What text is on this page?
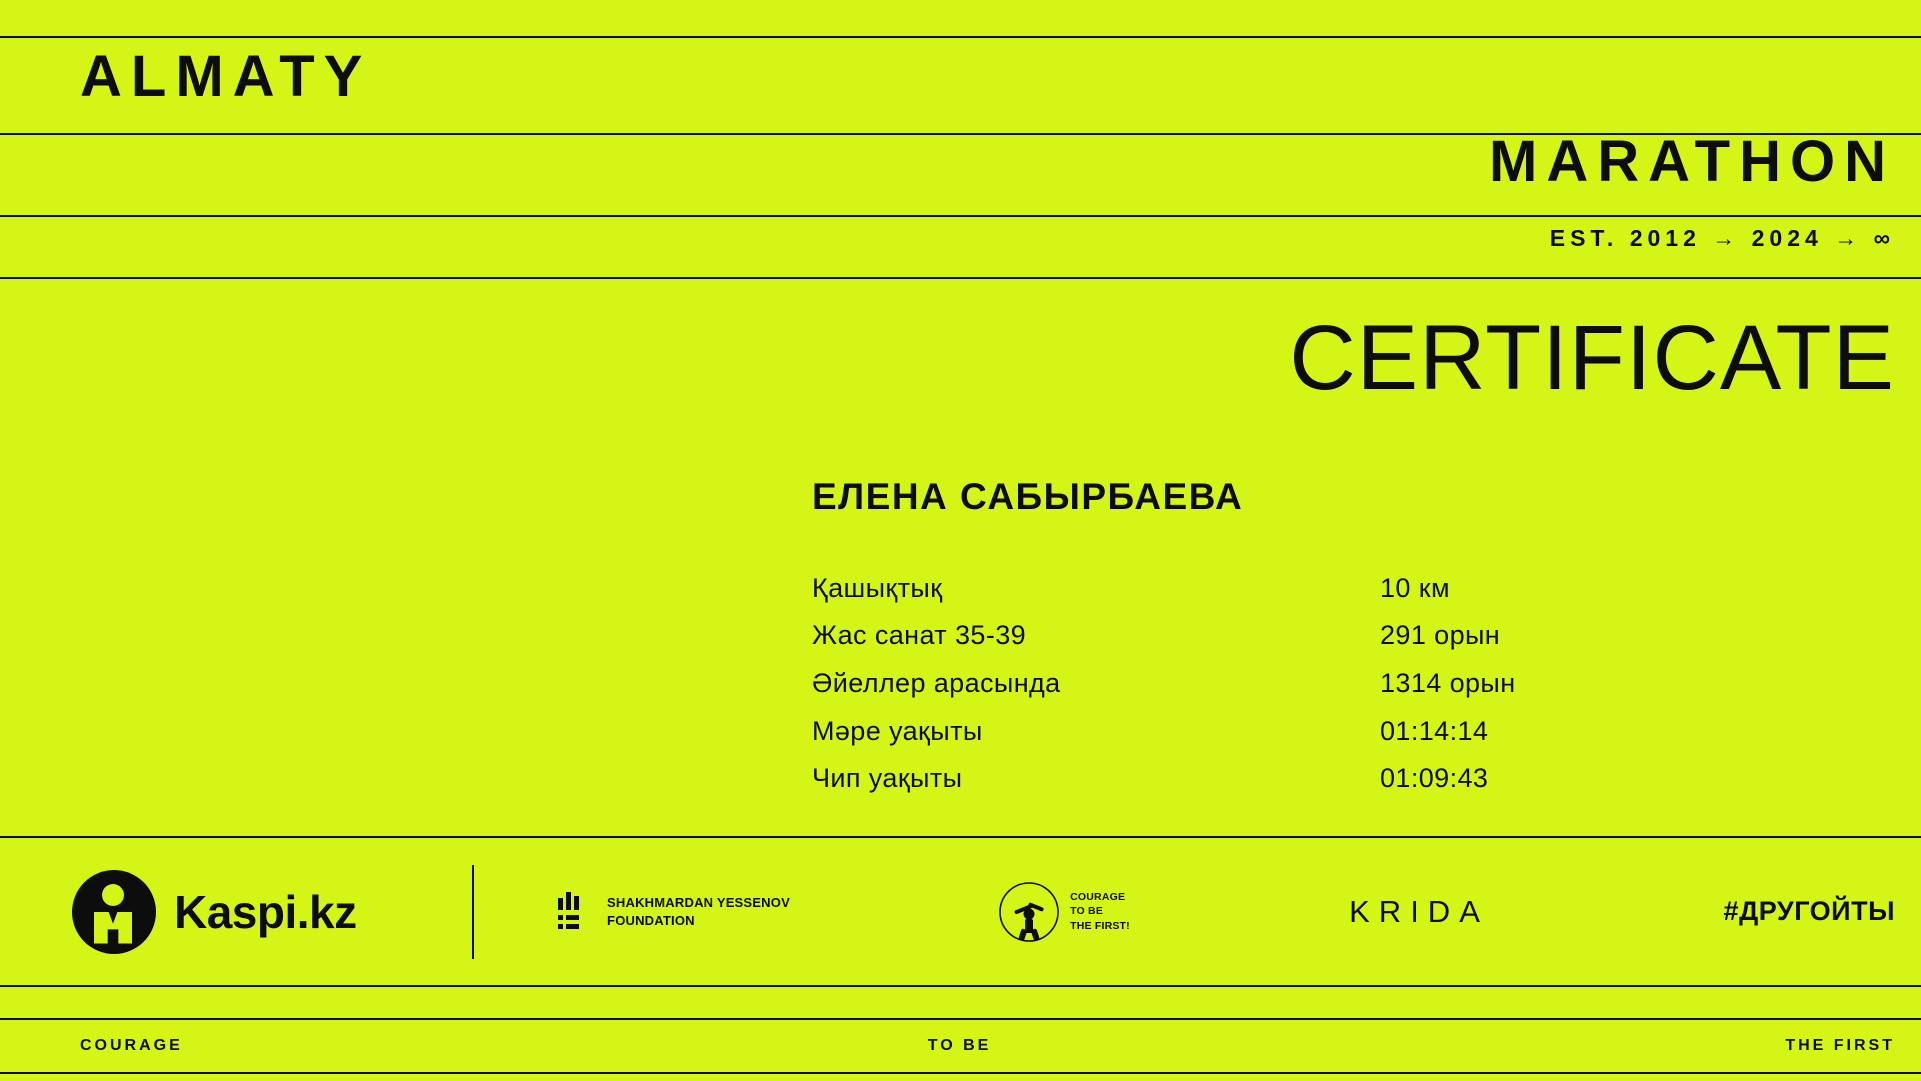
ALMATY
MARATHON
EST. 2012 → 2024 → ∞
CERTIFICATE
ЕЛЕНА САБЫРБАЕВА
Қашықтық	10 км
Жас санат 35-39	291 орын
Әйеллер арасында	1314 орын
Мәре уақыты	01:14:14
Чип уақыты	01:09:43
Kaspi.kz	SHAKHMARDAN YESSENOV
FOUNDATION
COURAGE
TO BE
THE FIRST!	KRIDA	#ДРУГОЙТЫ
COURAGE	TO BE	THE FIRST
